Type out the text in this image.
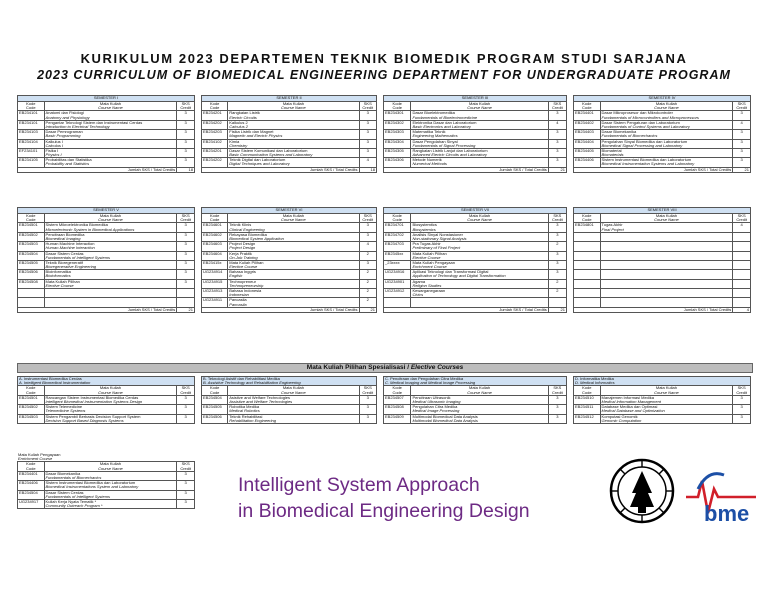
KURIKULUM 2023 DEPARTEMEN TEKNIK BIOMEDIK PROGRAM STUDI SARJANA
2023 CURRICULUM OF BIOMEDICAL ENGINEERING DEPARTMENT FOR UNDERGRADUATE PROGRAM
SEMESTER I
Kode
Code	Mata Kuliah
Course Name	SKS
Credit
EB234101	Anatomi dan Fisiologi
Anatomy and Physiology	3
EB234101	Pengantar Teknologi Sistem dan Instrumentasi Cerdas
Introduction to Electrical Technology	3
EB234103	Dasar Pemrograman
Basic Programming	3
EB234104	Kalkulus I
Calculus I	3
EF234101	Fisika I
Physics I	3
EB234105	Probabilitas dan Statistika
Probability and Statistics	3
Jumlah SKS / Total Credits		18
SEMESTER II
Kode
Code	Mata Kuliah
Course Name	SKS
Credit
EB234201	Rangkaian Listrik
Electric Circuits	3
EB234202	Kalkulus 2
Calculus 2	3
EB234203	Fisika Listrik dan Magnet
Magnetic and Electric Physics	3
EB234102	Kimia
Chemistry	3
EB234201	Dasar Sistem Komunikasi dan Laboratorium
Basic Communication Systems and Laboratory	3
EB234202	Teknik Digital dan Laboratorium
Digital Techniques and Laboratory	4
Jumlah SKS / Total Credits		18
SEMESTER III
Kode
Code	Mata Kuliah
Course Name	SKS
Credit
EB234301	Dasar Bioelektromedika
Fundamentals of Bioelectromedicine	3
EB234302	Elektronika Dasar dan Laboratorium
Basic Electronics and Laboratory	4
EB234303	Matematika Teknik
Engineering Mathematics	3
EB234304	Dasar Pengolahan Sinyal
Fundamentals of Signal Processing	3
EB234305	Rangkaian Listrik Lanjut dan Laboratorium
Advanced Electric Circuits and Laboratory	3
EB234306	Metode Numerik
Numerical Methods	3
Jumlah SKS / Total Credits		21
SEMESTER IV
Kode
Code	Mata Kuliah
Course Name	SKS
Credit
EB234401	Dasar Mikroprosesor dan Mikrokontroler
Fundamentals of Microcontrollers and Microprocessors	3
EB234402	Dasar Sistem Pengaturan dan Laboratorium
Fundamentals of Control Systems and Laboratory	4
EB234403	Dasar Biomekanika
Fundamentals of Biomechanics	3
EB234404	Pengolahan Sinyal Biomedika dan Laboratorium
Biomedical Signal Processing and Laboratory	3
EB234405	Biomaterial
Biomaterials	3
EB234406	Sistem Instrumentasi Biomedika dan Laboratorium
Biomedical Instrumentation Systems and Laboratory	3
Jumlah SKS / Total Credits		21
SEMESTER V
Kode
Code	Mata Kuliah
Course Name	SKS
Credit
EB234501	Sistem Mikroelektronika Biomedika
Microelectronic System in Biomedical Applications	3
EB234502	Pencitraan Biomedika
Biomedical Imaging	3
EB234503	Human Machine Interaction
Human-Machine Interaction	3
EB234504	Dasar Sistem Cerdas
Fundamentals of Intelligent Systems	3
EB234505	Teknik Bioregeneratif
Bioregenerative Engineering	3
EB234506	Bioinformatika
Bioinformatics	3
EB234508	Mata Kuliah Pilihan
Elective Course	3

Jumlah SKS / Total Credits		21
SEMESTER VI
Kode
Code	Mata Kuliah
Course Name	SKS
Credit
EB234601	Teknik Klinis
Clinical Engineering	3
EB234602	Rekayasa Biomedika
Biomedical System Application	3
EB234603	Project Design
Project Design	4
EB234604	Kerja Praktik
On-Job Training	2
EB23415x	Mata Kuliah Pilihan
Elective Course	3
UG234914	Bahasa Inggris
English	2
UG234915	Technopreneur
Technopreneurship	2
UG234913	Bahasa Indonesia
Indonesian	2
UG234911	Pancasila
Pancasila	2
Jumlah SKS / Total Credits		21
SEMESTER VII
Kode
Code	Mata Kuliah
Course Name	SKS
Credit
EB234701	Biosystemtics
Biosystemics	3
EB234702	Analisis Sinyal Nonstasioner
Non-stationary Signal Analysis	3
EB234703	Pra Tugas Akhir
Preliminary of Final Project	2
EB2345xx	Mata Kuliah Pilihan
Elective Course	3
_23xxxx	Mata Kuliah Pengayaan
Enrichment Course	3
UG234916	Aplikasi Teknologi dan Transformasi Digital
Application of Technology and Digital Transformation	3
UG234901	Agama
Religion Studies	2
UG234912	Kewarganegaraan
Civics	2

Jumlah SKS / Total Credits		21
SEMESTER VIII
Kode
Code	Mata Kuliah
Course Name	SKS
Credit
EB234801	Tugas Akhir
Final Project	4

Jumlah SKS / Total Credits		4
Mata Kuliah Pilihan Spesialisasi / Elective Courses
A. Instrumentasi Biomedika Cerdas
A. Intelligent Biomedical Instrumentation
Kode
Code	Mata Kuliah
Course Name	SKS
Credit
EB234501	Rancangan Sistem Instrumentasi Biomedika Cerdas
Intelligent Biomedical Instrumentation Systems Design	3
EB234502	Sistem Telemedicine
Telemedicine Systems	3
EB234503	Sistem Pengambil Berbasis Decision Support System
Decision Support Based Diagnosis Systems	3
B. Teknologi Asistif dan Rehabilitasi Medika
B. Assistive Technology and Rehabilitation Engineering
Kode
Code	Mata Kuliah
Course Name	SKS
Credit
EB234504	Asistive and Welfare Technologies
Assistive and Welfare Technologies	3
EB234505	Robotika Medika
Medical Robotics	3
EB234506	Teknik Rehabilitasi
Rehabilitation Engineering	3
C. Pencitraan dan Pengolahan Citra Medika
C. Medical Imaging and Medical Image Processing
Kode
Code	Mata Kuliah
Course Name	SKS
Credit
EB234507	Pencitraan Ultrasonik
Medical Ultrasonic Imaging	3
EB234508	Pengolahan Citra Medika
Medical Image Processing	3
EB234509	Multimodal Biomedical Data Analysis
Multimodal Biomedical Data Analysis	3
D. Informatika Medika
D. Medical Informatics
Kode
Code	Mata Kuliah
Course Name	SKS
Credit
EB234510	Manajemen Informasi Medika
Medical Information Management	3
EB234511	Database Medika dan Optimasi
Medical Database and Optimization	3
EB234512	Komputasi Genomik
Genomic Computation	3
Mata Kuliah Pengayaan
Enrichment Course
Kode
Code	Mata Kuliah
Course Name	SKS
Credit
EB234401	Dasar Biomekanika
Fundamentals of Biomechanics	3
EB234406	Sistem Instrumentasi Biomedika dan Laboratorium
Biomedical Instrumentations System and Laboratory	3
EB234504	Dasar Sistem Cerdas
Fundamentals of Intelligent Systems	3
UG234917	Kuliah Kerja Nyata Tematik *
Community Outreach Program *	3
Intelligent System Approach
in Biomedical Engineering Design	bme
